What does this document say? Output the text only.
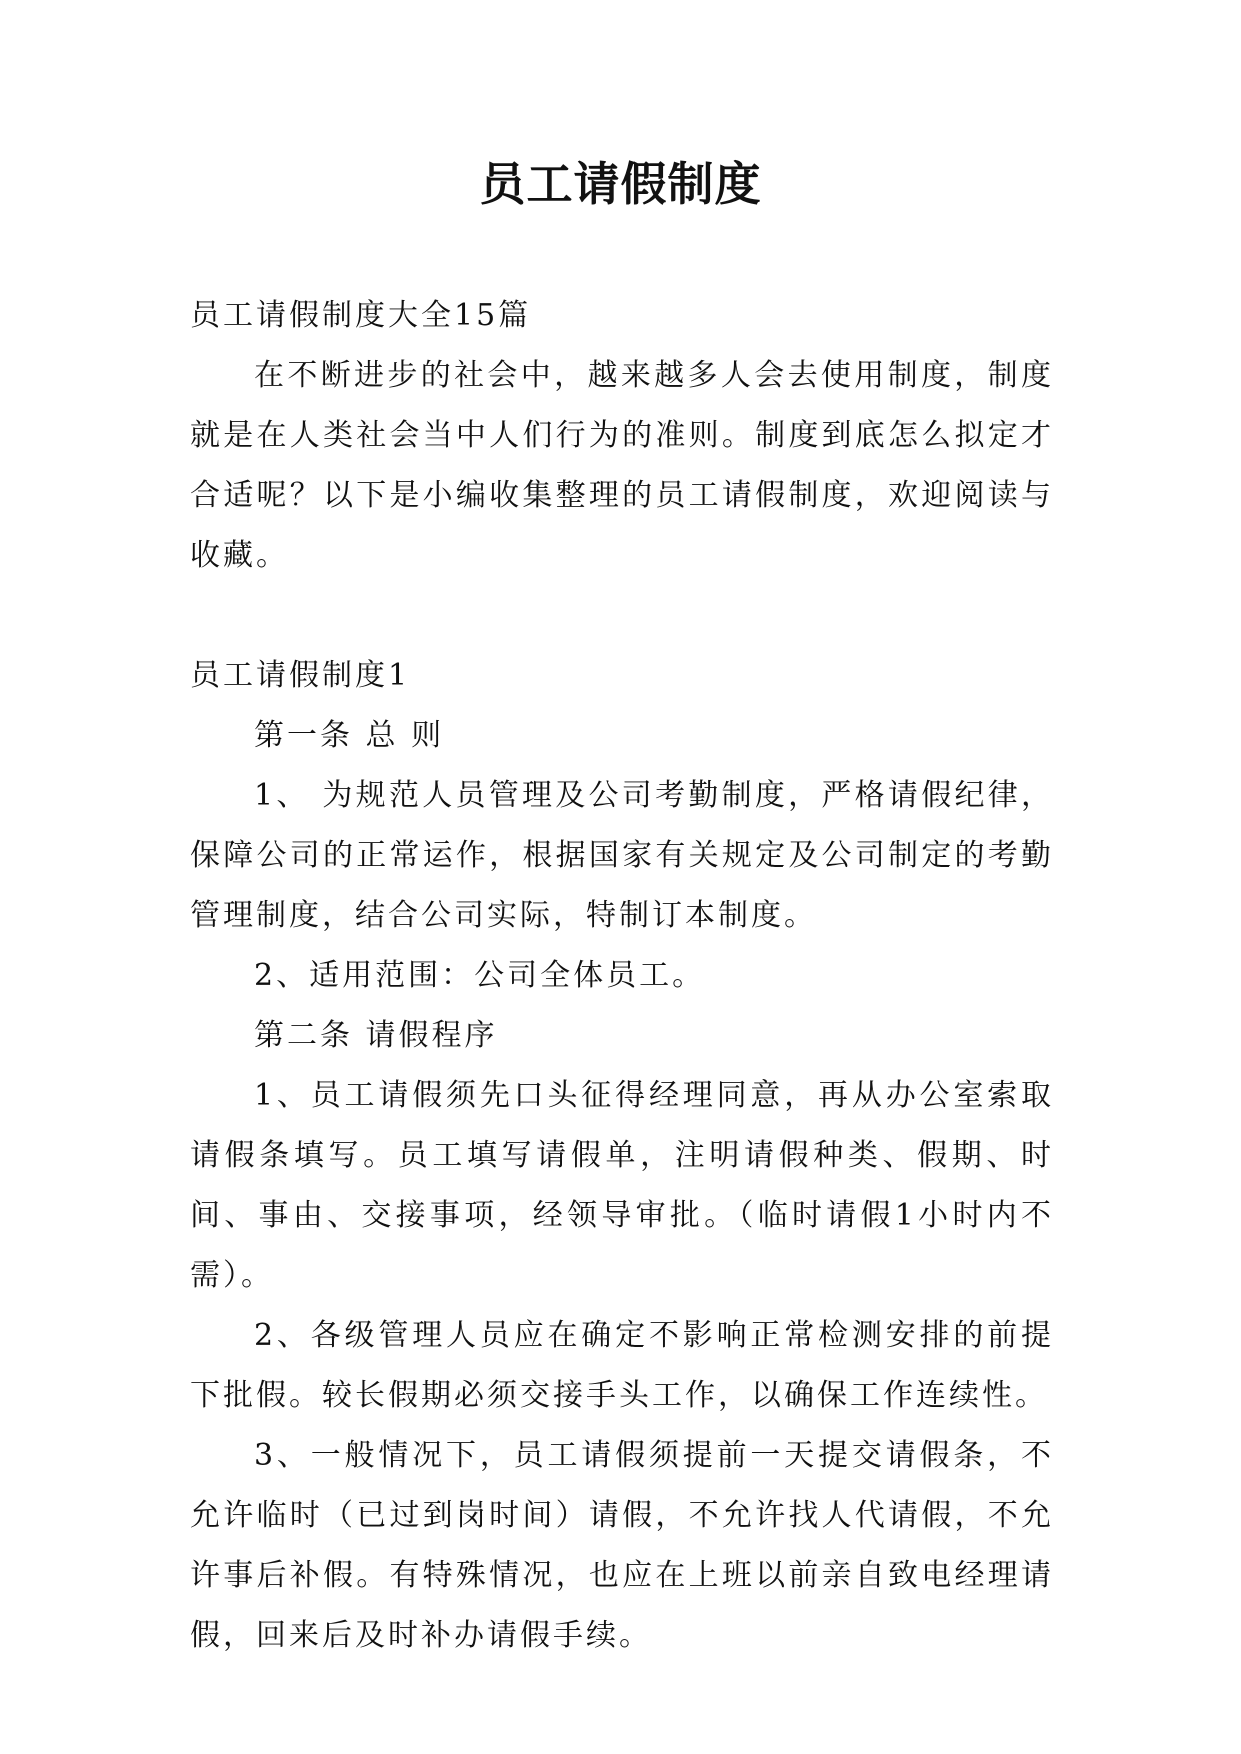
员工请假制度

员工请假制度大全15篇

在不断进步的社会中，越来越多人会去使用制度，制度就是在人类社会当中人们行为的准则。制度到底怎么拟定才合适呢？以下是小编收集整理的员工请假制度，欢迎阅读与收藏。

员工请假制度1

第一条 总 则

1、 为规范人员管理及公司考勤制度，严格请假纪律，保障公司的正常运作，根据国家有关规定及公司制定的考勤管理制度，结合公司实际，特制订本制度。

2、适用范围：公司全体员工。

第二条 请假程序

1、员工请假须先口头征得经理同意，再从办公室索取请假条填写。员工填写请假单，注明请假种类、假期、时间、事由、交接事项，经领导审批。（临时请假1小时内不需）。

2、各级管理人员应在确定不影响正常检测安排的前提下批假。较长假期必须交接手头工作，以确保工作连续性。

3、一般情况下，员工请假须提前一天提交请假条，不允许临时（已过到岗时间）请假，不允许找人代请假，不允许事后补假。有特殊情况，也应在上班以前亲自致电经理请假，回来后及时补办请假手续。
